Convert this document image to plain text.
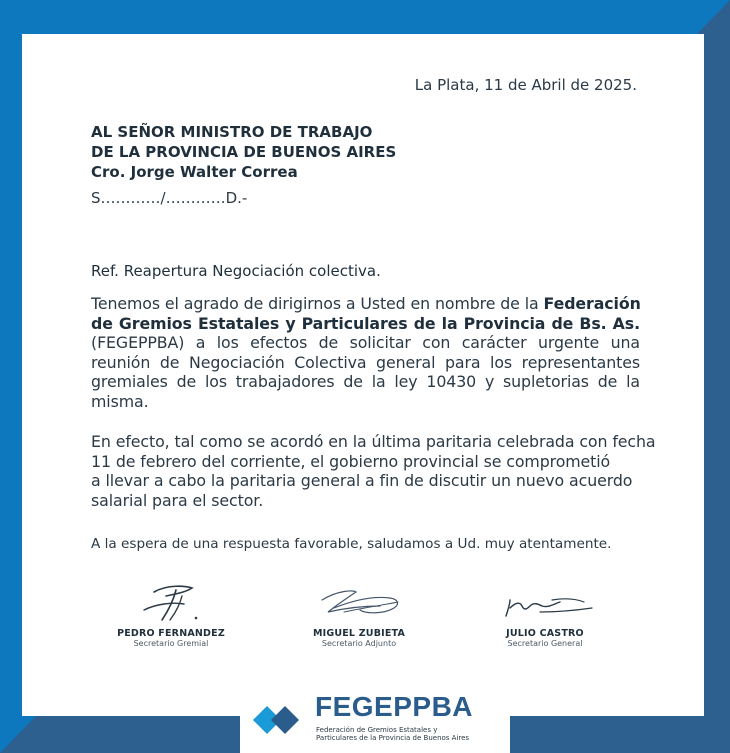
La Plata, 11 de Abril de 2025.
AL SEÑOR MINISTRO DE TRABAJO
DE LA PROVINCIA DE BUENOS AIRES
Cro. Jorge Walter Correa
S…………/…………D.-
Ref. Reapertura Negociación colectiva.
Tenemos el agrado de dirigirnos a Usted en nombre de la Federación
de Gremios Estatales y Particulares de la Provincia de Bs. As.
(FEGEPPBA) a los efectos de solicitar con carácter urgente una
reunión de Negociación Colectiva general para los representantes
gremiales de los trabajadores de la ley 10430 y supletorias de la
misma.
En efecto, tal como se acordó en la última paritaria celebrada con fecha
11 de febrero del corriente, el gobierno provincial se comprometió
a llevar a cabo la paritaria general a fin de discutir un nuevo acuerdo
salarial para el sector.
A la espera de una respuesta favorable, saludamos a Ud. muy atentamente.
PEDRO FERNANDEZ
Secretario Gremial
MIGUEL ZUBIETA
Secretario Adjunto
JULIO CASTRO
Secretario General
FEGEPPBA
Federación de Gremios Estatales y
Particulares de la Provincia de Buenos Aires
